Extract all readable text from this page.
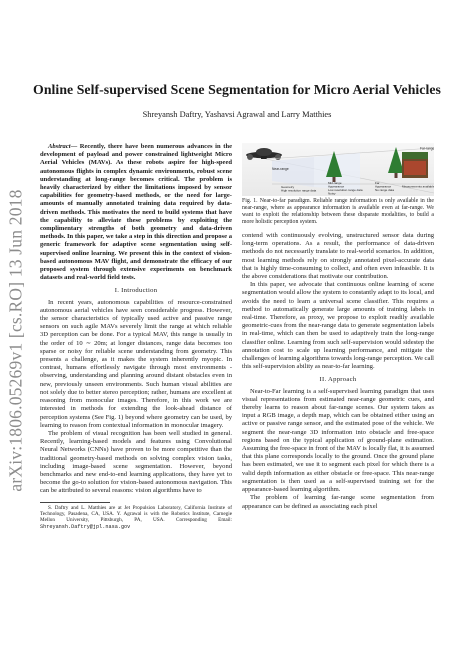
arXiv:1806.05269v1 [cs.RO] 13 Jun 2018
Online Self-supervised Scene Segmentation for Micro Aerial Vehicles
Shreyansh Daftry, Yashavsi Agrawal and Larry Matthies

Abstract— Recently, there have been numerous advances in the development of payload and power constrained lightweight Micro Aerial Vehicles (MAVs). As these robots aspire for high-speed autonomous flights in complex dynamic environments, robust scene understanding at long-range becomes critical. The problem is heavily characterized by either the limitations imposed by sensor capabilities for geometry-based methods, or the need for large-amounts of manually annotated training data required by data-driven methods. This motivates the need to build systems that have the capability to alleviate these problems by exploiting the complimentary strengths of both geometry and data-driven methods. In this paper, we take a step in this direction and propose a generic framework for adaptive scene segmentation using self-supervised online learning. We present this in the context of vision-based autonomous MAV flight, and demonstrate the efficacy of our proposed system through extensive experiments on benchmark datasets and real-world field tests.

I. Introduction

In recent years, autonomous capabilities of resource-constrained autonomous aerial vehicles have seen considerable progress. However, the sensor characteristics of typically used active and passive range sensors on such agile MAVs severely limit the range at which reliable 3D perception can be done. For a typical MAV, this range is usually in the order of 10 ∼ 20m; at longer distances, range data becomes too sparse or noisy for reliable scene understanding from geometry. This presents a challenge, as it makes the system inherently myopic. In contrast, humans effortlessly navigate through most environments - observing, understanding and planning around distant obstacles even in new, previously unseen environments. Such human visual abilities are not solely due to better stereo perception; rather, humans are excellent at reasoning from monocular images. Therefore, in this work we are interested in methods for extending the look-ahead distance of perception systems (See Fig. 1) beyond where geometry can be used, by learning to reason from contextual information in monocular imagery.

The problem of visual recognition has been well studied in general. Recently, learning-based models and features using Convolutional Neural Networks (CNNs) have proven to be more competitive than the traditional geometry-based methods on solving complex vision tasks, including image-based scene segmentation. However, beyond benchmarks and new end-to-end learning applications, they have yet to become the go-to solution for vision-based autonomous navigation. This can be attributed to several reasons: vision algorithms have to

S. Daftry and L. Matthies are at Jet Propulsion Laboratory, California Institute of Technology, Pasadena, CA, USA. Y. Agrawal is with the Robotics Institute, Carnegie Mellon University, Pittsburgh, PA, USA. Corresponding Email: Shreyansh.Daftry@jpl.nasa.gov

Near-range
Far-range
Geometry
High resolution range data
Mid-range
Appearance
Low resolution range data
Noisy
Far
Appearance
No range data
Measurements available
Fig. 1. Near-to-far paradigm. Reliable range information is only available in the near-range, where as appearance information is available even at far-range. We want to exploit the relationship between these disparate modalities, to build a more holistic perception system.

contend with continuously evolving, unstructured sensor data during long-term operations. As a result, the performance of data-driven methods do not necessarily translate to real-world scenarios. In addition, most learning methods rely on strongly annotated pixel-accurate data that is highly time-consuming to collect, and often even infeasible. It is the above considerations that motivate our contribution.

In this paper, we advocate that continuous online learning of scene segmentation would allow the system to constantly adapt to its local, and avoids the need to learn a universal scene classifier. This requires a method to automatically generate large amounts of training labels in real-time. Therefore, as proxy, we propose to exploit readily available geometric-cues from the near-range data to generate segmentation labels in real-time, which can then be used to adaptively train the long-range classifier online. Learning from such self-supervision would sidestep the annotation cost to scale up learning performance, and mitigate the challenges of learning algorithms towards long-range perception. We call this self-supervision ability as near-to-far learning.

II. Approach

Near-to-Far learning is a self-supervised learning paradigm that uses visual representations from estimated near-range geometric cues, and thereby learns to reason about far-range scenes. Our system takes as input a RGB image, a depth map, which can be obtained either using an active or passive range sensor, and the estimated pose of the vehicle. We segment the near-range 3D information into obstacle and free-space regions based on the typical application of ground-plane estimation. Assuming the free-space in front of the MAV is locally flat, it is assumed that this plane corresponds locally to the ground. Once the ground plane has been estimated, we use it to segment each pixel for which there is a valid depth information as either obstacle or free-space. This near-range segmentation is then used as a self-supervised training set for the appearance-based learning algorithm.

The problem of learning far-range scene segmentation from appearance can be defined as associating each pixel
